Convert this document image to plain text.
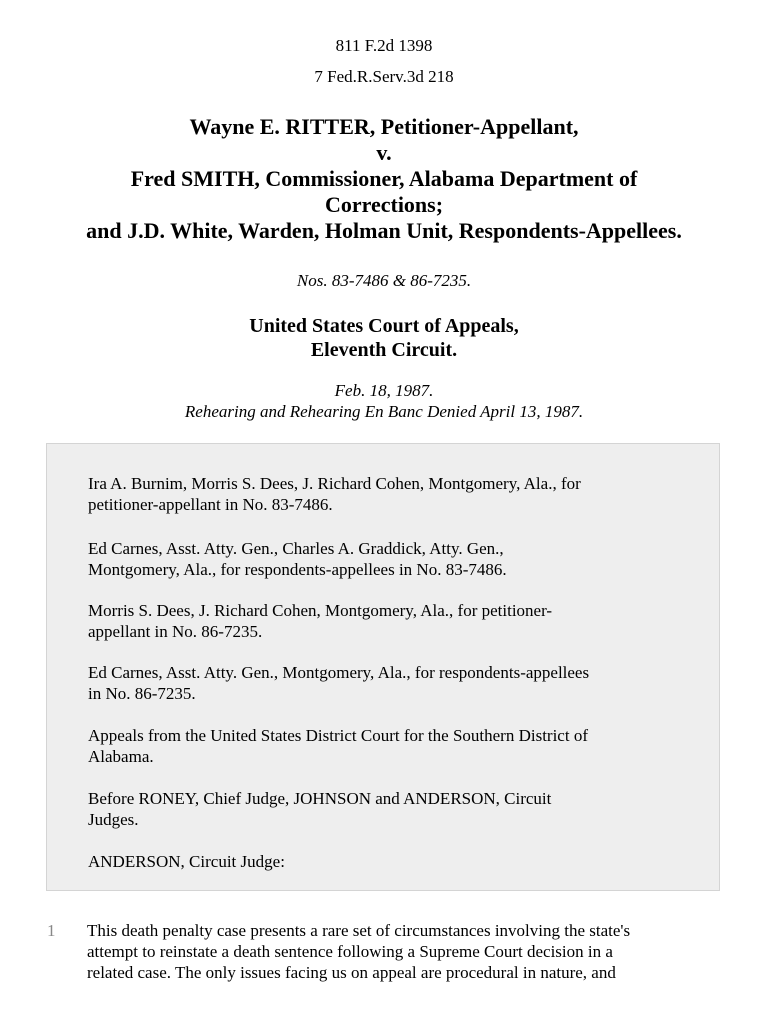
811 F.2d 1398
7 Fed.R.Serv.3d 218
Wayne E. RITTER, Petitioner-Appellant,
v.
Fred SMITH, Commissioner, Alabama Department of
Corrections;
and J.D. White, Warden, Holman Unit, Respondents-Appellees.
Nos. 83-7486 & 86-7235.
United States Court of Appeals,
Eleventh Circuit.
Feb. 18, 1987.
Rehearing and Rehearing En Banc Denied April 13, 1987.

Ira A. Burnim, Morris S. Dees, J. Richard Cohen, Montgomery, Ala., for
petitioner-appellant in No. 83-7486.

Ed Carnes, Asst. Atty. Gen., Charles A. Graddick, Atty. Gen.,
Montgomery, Ala., for respondents-appellees in No. 83-7486.

Morris S. Dees, J. Richard Cohen, Montgomery, Ala., for petitioner-
appellant in No. 86-7235.

Ed Carnes, Asst. Atty. Gen., Montgomery, Ala., for respondents-appellees
in No. 86-7235.

Appeals from the United States District Court for the Southern District of
Alabama.

Before RONEY, Chief Judge, JOHNSON and ANDERSON, Circuit
Judges.

ANDERSON, Circuit Judge:

1 This death penalty case presents a rare set of circumstances involving the state's
attempt to reinstate a death sentence following a Supreme Court decision in a
related case. The only issues facing us on appeal are procedural in nature, and
